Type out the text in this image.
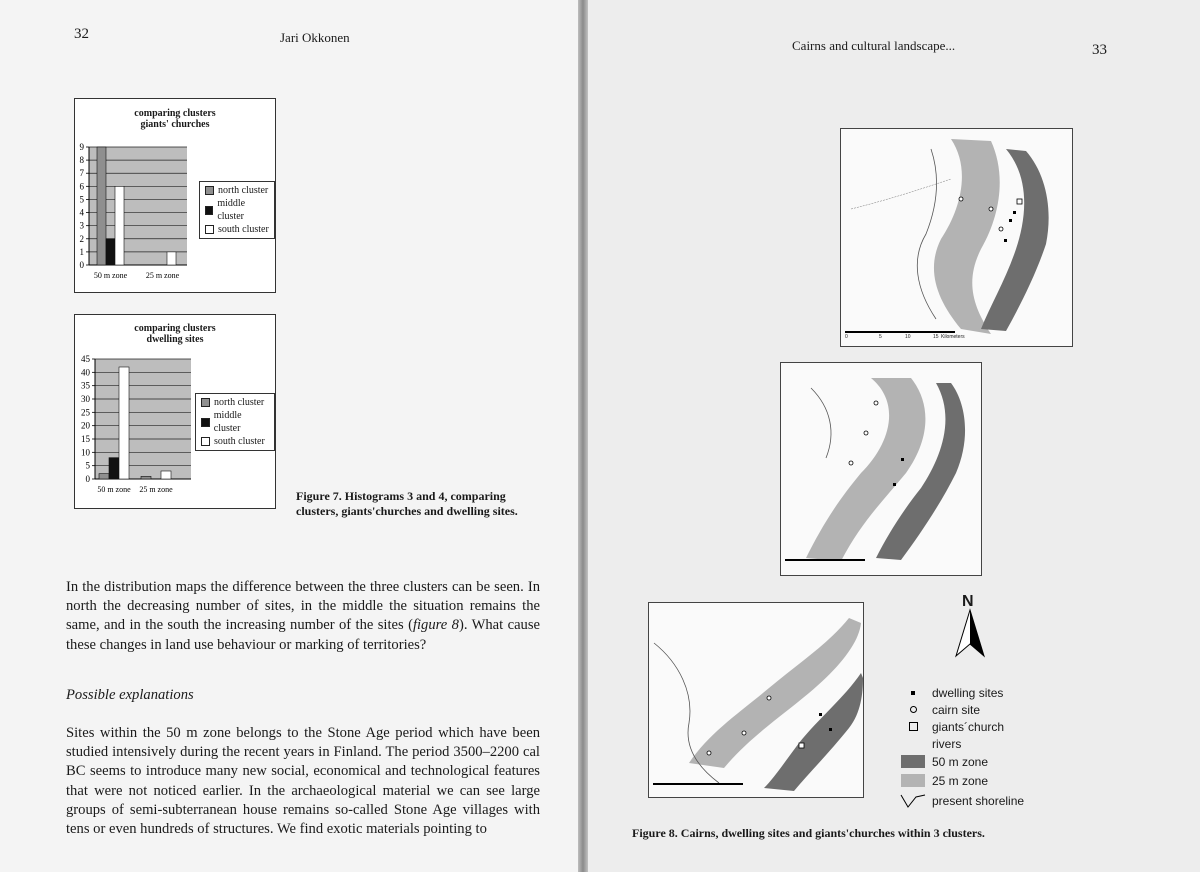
32	Jari Okkonen
comparing clusters
giants' churches
0
1
2
3
4
5
6
7
8
9
50 m zone 25 m zone
north cluster
middle cluster
south cluster
comparing clusters
dwelling sites
0
5
10
15
20
25
30
35
40
45
50 m zone 25 m zone
north cluster
middle cluster
south cluster
Figure 7. Histograms 3 and 4, comparing clusters, giants'churches and dwelling sites.
In the distribution maps the difference between the three clusters can be seen. In north the decreasing number of sites, in the middle the situation remains the same, and in the south the increasing number of the sites (figure 8). What cause these changes in land use behaviour or marking of territories?
Possible explanations
Sites within the 50 m zone belongs to the Stone Age period which have been studied intensively during the recent years in Finland. The period 3500–2200 cal BC seems to introduce many new social, economical and technological features that were not noticed earlier. In the archaeological material we can see large groups of semi-subterranean house remains so-called Stone Age villages with tens or even hundreds of structures. We find exotic materials pointing to
Cairns and cultural landscape...	33
0	5	10	15 Kilometers
N
dwelling sites
cairn site
giants´church
rivers
50 m zone
25 m zone
present shoreline
Figure 8. Cairns, dwelling sites and giants'churches within 3 clusters.
